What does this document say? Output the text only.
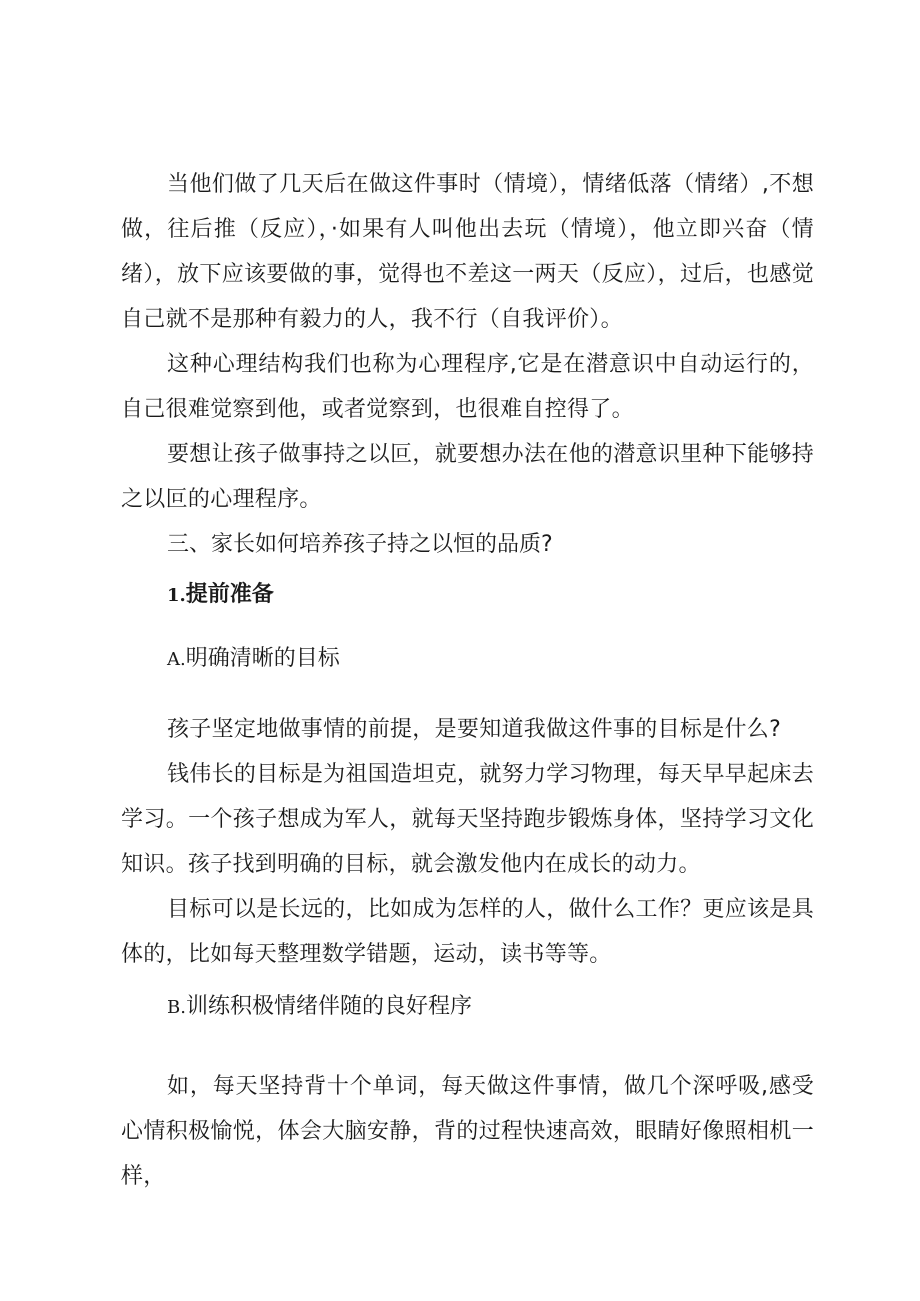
当他们做了几天后在做这件事时（情境），情绪低落（情绪）,不想做，往后推（反应），·如果有人叫他出去玩（情境），他立即兴奋（情绪），放下应该要做的事，觉得也不差这一两天（反应），过后，也感觉自己就不是那种有毅力的人，我不行（自我评价）。

这种心理结构我们也称为心理程序,它是在潜意识中自动运行的，自己很难觉察到他，或者觉察到，也很难自控得了。

要想让孩子做事持之以叵，就要想办法在他的潜意识里种下能够持之以叵的心理程序。

三、家长如何培养孩子持之以恒的品质?

1.提前准备

A.明确清晰的目标

孩子坚定地做事情的前提，是要知道我做这件事的目标是什么?

钱伟长的目标是为祖国造坦克，就努力学习物理，每天早早起床去学习。一个孩子想成为军人，就每天坚持跑步锻炼身体，坚持学习文化知识。孩子找到明确的目标，就会激发他内在成长的动力。

目标可以是长远的，比如成为怎样的人，做什么工作？更应该是具体的，比如每天整理数学错题，运动，读书等等。

B.训练积极情绪伴随的良好程序

如，每天坚持背十个单词，每天做这件事情，做几个深呼吸,感受心情积极愉悦，体会大脑安静，背的过程快速高效，眼睛好像照相机一样，
